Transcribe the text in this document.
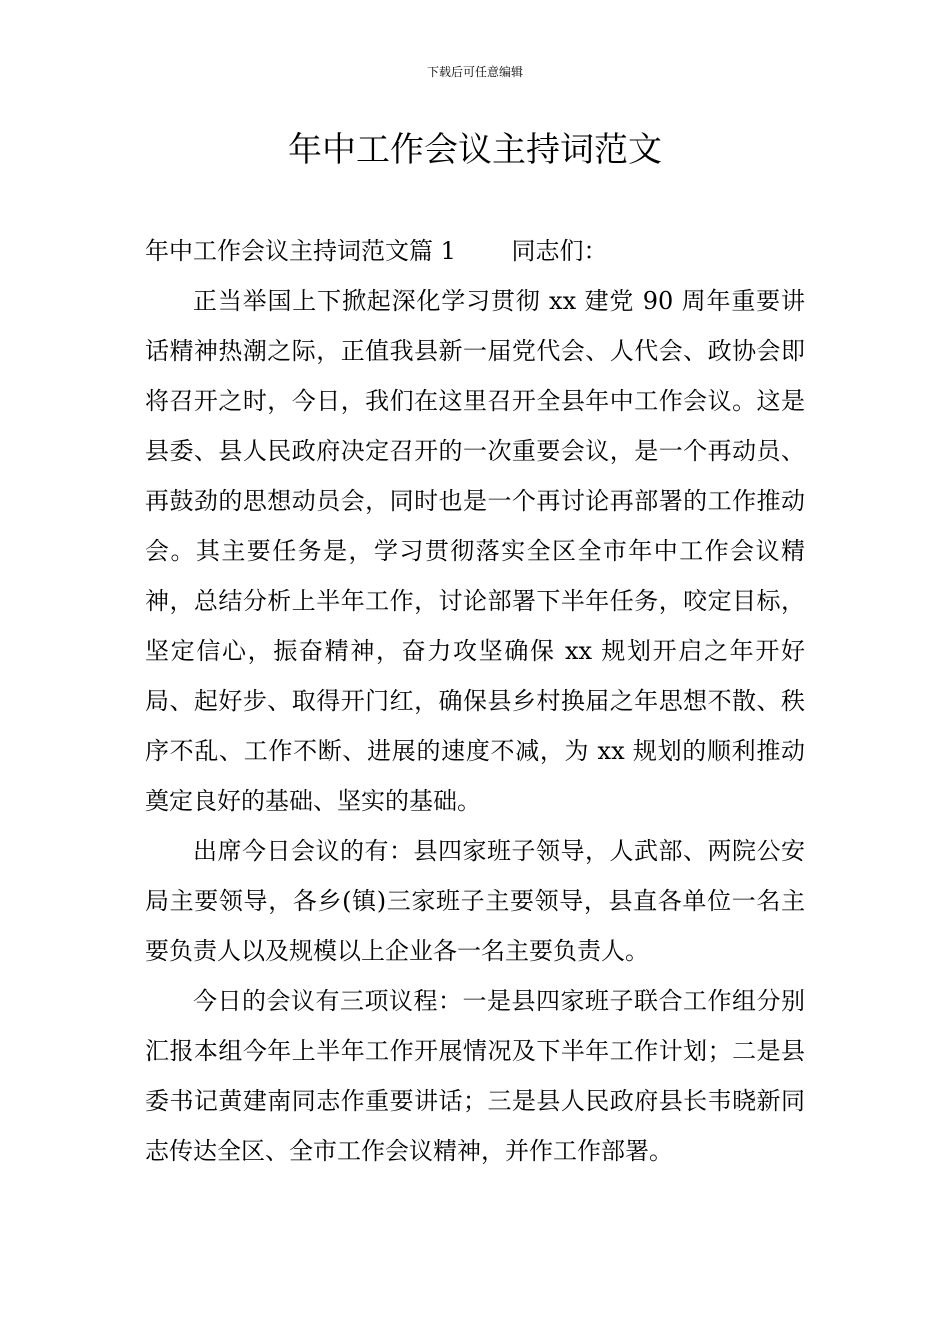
下载后可任意编辑
年中工作会议主持词范文

年中工作会议主持词范文篇 1 同志们：

正当举国上下掀起深化学习贯彻 xx 建党 90 周年重要讲话精神热潮之际，正值我县新一届党代会、人代会、政协会即将召开之时，今日，我们在这里召开全县年中工作会议。这是县委、县人民政府决定召开的一次重要会议，是一个再动员、再鼓劲的思想动员会，同时也是一个再讨论再部署的工作推动会。其主要任务是，学习贯彻落实全区全市年中工作会议精神，总结分析上半年工作，讨论部署下半年任务，咬定目标，坚定信心，振奋精神，奋力攻坚确保 xx 规划开启之年开好局、起好步、取得开门红，确保县乡村换届之年思想不散、秩序不乱、工作不断、进展的速度不减，为 xx 规划的顺利推动奠定良好的基础、坚实的基础。

出席今日会议的有：县四家班子领导，人武部、两院公安局主要领导，各乡(镇)三家班子主要领导，县直各单位一名主要负责人以及规模以上企业各一名主要负责人。

今日的会议有三项议程：一是县四家班子联合工作组分别汇报本组今年上半年工作开展情况及下半年工作计划；二是县委书记黄建南同志作重要讲话；三是县人民政府县长韦晓新同志传达全区、全市工作会议精神，并作工作部署。
